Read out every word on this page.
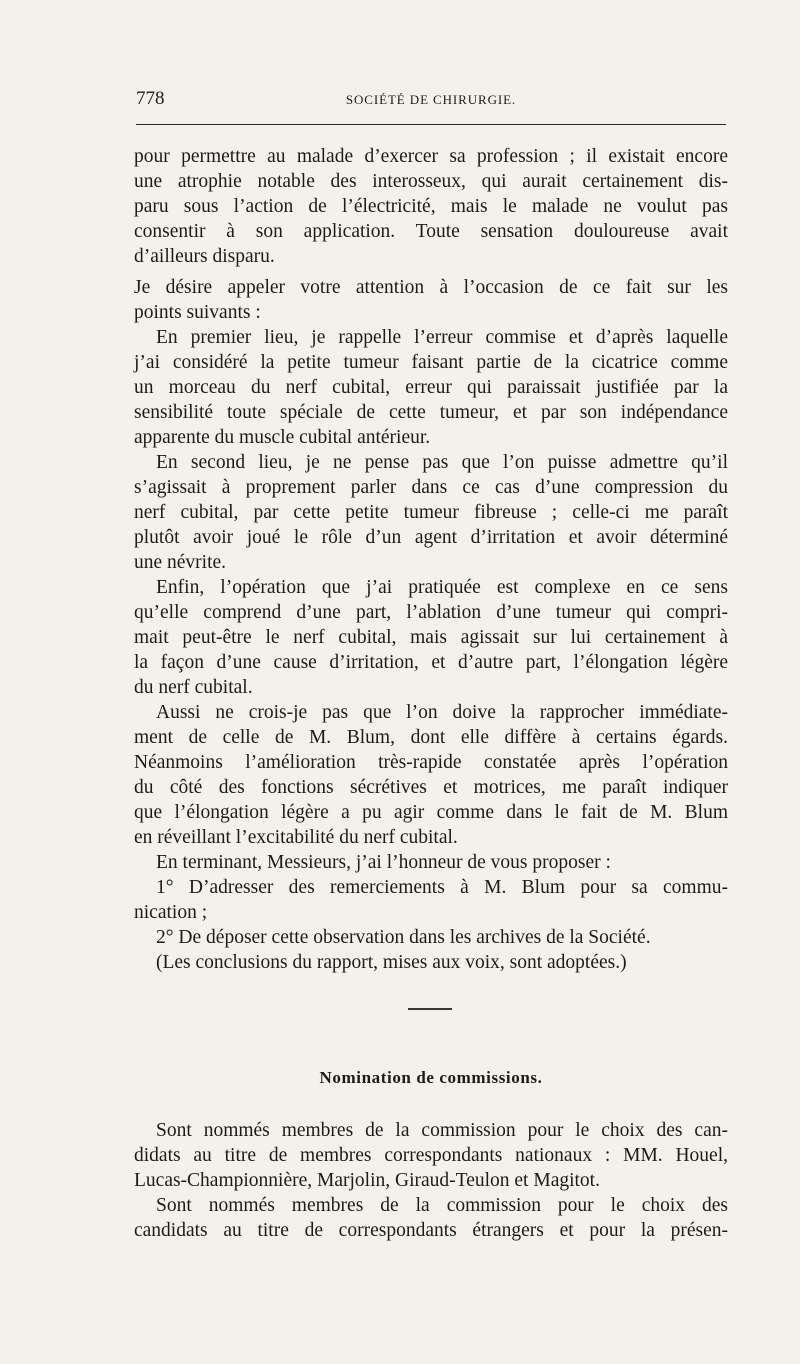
778	SOCIÉTÉ DE CHIRURGIE.
pour permettre au malade d’exercer sa profession ; il existait encore
une atrophie notable des interosseux, qui aurait certainement dis-
paru sous l’action de l’électricité, mais le malade ne voulut pas
consentir à son application. Toute sensation douloureuse avait
d’ailleurs disparu.
Je désire appeler votre attention à l’occasion de ce fait sur les
points suivants :
En premier lieu, je rappelle l’erreur commise et d’après laquelle
j’ai considéré la petite tumeur faisant partie de la cicatrice comme
un morceau du nerf cubital, erreur qui paraissait justifiée par la
sensibilité toute spéciale de cette tumeur, et par son indépendance
apparente du muscle cubital antérieur.
En second lieu, je ne pense pas que l’on puisse admettre qu’il
s’agissait à proprement parler dans ce cas d’une compression du
nerf cubital, par cette petite tumeur fibreuse ; celle-ci me paraît
plutôt avoir joué le rôle d’un agent d’irritation et avoir déterminé
une névrite.
Enfin, l’opération que j’ai pratiquée est complexe en ce sens
qu’elle comprend d’une part, l’ablation d’une tumeur qui compri-
mait peut-être le nerf cubital, mais agissait sur lui certainement à
la façon d’une cause d’irritation, et d’autre part, l’élongation légère
du nerf cubital.
Aussi ne crois-je pas que l’on doive la rapprocher immédiate-
ment de celle de M. Blum, dont elle diffère à certains égards.
Néanmoins l’amélioration très-rapide constatée après l’opération
du côté des fonctions sécrétives et motrices, me paraît indiquer
que l’élongation légère a pu agir comme dans le fait de M. Blum
en réveillant l’excitabilité du nerf cubital.
En terminant, Messieurs, j’ai l’honneur de vous proposer :
1° D’adresser des remerciements à M. Blum pour sa commu-
nication ;
2° De déposer cette observation dans les archives de la Société.
(Les conclusions du rapport, mises aux voix, sont adoptées.)
Nomination de commissions.
Sont nommés membres de la commission pour le choix des can-
didats au titre de membres correspondants nationaux : MM. Houel,
Lucas-Championnière, Marjolin, Giraud-Teulon et Magitot.
Sont nommés membres de la commission pour le choix des
candidats au titre de correspondants étrangers et pour la présen-
